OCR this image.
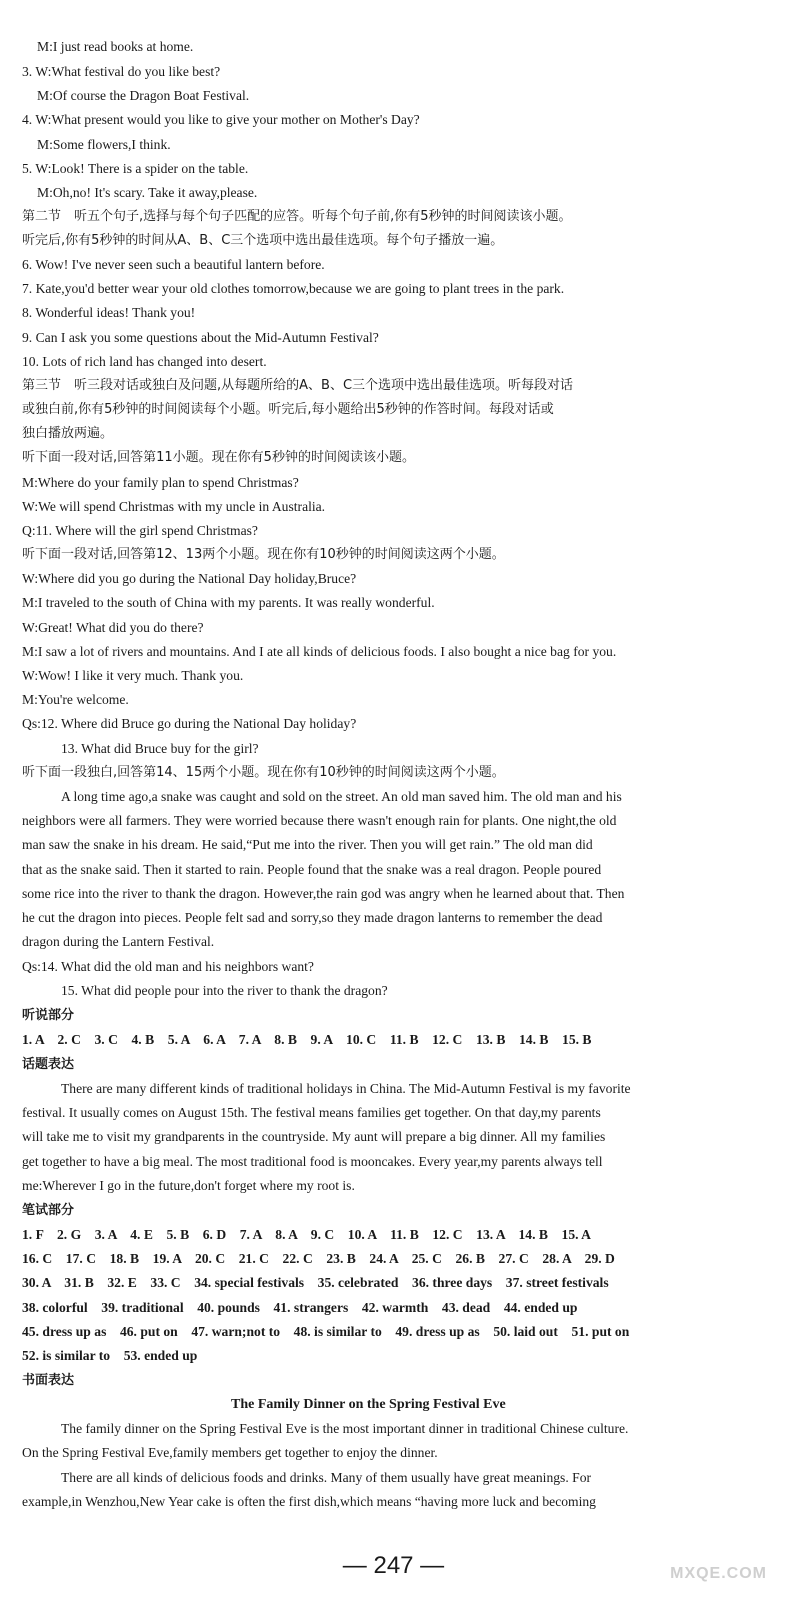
M:I just read books at home.
3. W:What festival do you like best?
M:Of course the Dragon Boat Festival.
4. W:What present would you like to give your mother on Mother's Day?
M:Some flowers,I think.
5. W:Look! There is a spider on the table.
M:Oh,no! It's scary. Take it away,please.
第二节　听五个句子,选择与每个句子匹配的应答。听每个句子前,你有5秒钟的时间阅读该小题。
听完后,你有5秒钟的时间从A、B、C三个选项中选出最佳选项。每个句子播放一遍。
6. Wow! I've never seen such a beautiful lantern before.
7. Kate,you'd better wear your old clothes tomorrow,because we are going to plant trees in the park.
8. Wonderful ideas! Thank you!
9. Can I ask you some questions about the Mid-Autumn Festival?
10. Lots of rich land has changed into desert.
第三节　听三段对话或独白及问题,从每题所给的A、B、C三个选项中选出最佳选项。听每段对话
或独白前,你有5秒钟的时间阅读每个小题。听完后,每小题给出5秒钟的作答时间。每段对话或
独白播放两遍。
听下面一段对话,回答第11小题。现在你有5秒钟的时间阅读该小题。
M:Where do your family plan to spend Christmas?
W:We will spend Christmas with my uncle in Australia.
Q:11. Where will the girl spend Christmas?
听下面一段对话,回答第12、13两个小题。现在你有10秒钟的时间阅读这两个小题。
W:Where did you go during the National Day holiday,Bruce?
M:I traveled to the south of China with my parents. It was really wonderful.
W:Great! What did you do there?
M:I saw a lot of rivers and mountains. And I ate all kinds of delicious foods. I also bought a nice bag for you.
W:Wow! I like it very much. Thank you.
M:You're welcome.
Qs:12. Where did Bruce go during the National Day holiday?
13. What did Bruce buy for the girl?
听下面一段独白,回答第14、15两个小题。现在你有10秒钟的时间阅读这两个小题。
A long time ago,a snake was caught and sold on the street. An old man saved him. The old man and his
neighbors were all farmers. They were worried because there wasn't enough rain for plants. One night,the old
man saw the snake in his dream. He said,“Put me into the river. Then you will get rain.” The old man did
that as the snake said. Then it started to rain. People found that the snake was a real dragon. People poured
some rice into the river to thank the dragon. However,the rain god was angry when he learned about that. Then
he cut the dragon into pieces. People felt sad and sorry,so they made dragon lanterns to remember the dead
dragon during the Lantern Festival.
Qs:14. What did the old man and his neighbors want?
15. What did people pour into the river to thank the dragon?
听说部分
1. A　2. C　3. C　4. B　5. A　6. A　7. A　8. B　9. A　10. C　11. B　12. C　13. B　14. B　15. B
话题表达
There are many different kinds of traditional holidays in China. The Mid-Autumn Festival is my favorite
festival. It usually comes on August 15th. The festival means families get together. On that day,my parents
will take me to visit my grandparents in the countryside. My aunt will prepare a big dinner. All my families
get together to have a big meal. The most traditional food is mooncakes. Every year,my parents always tell
me:Wherever I go in the future,don't forget where my root is.
笔试部分
1. F　2. G　3. A　4. E　5. B　6. D　7. A　8. A　9. C　10. A　11. B　12. C　13. A　14. B　15. A
16. C　17. C　18. B　19. A　20. C　21. C　22. C　23. B　24. A　25. C　26. B　27. C　28. A　29. D
30. A　31. B　32. E　33. C　34. special festivals　35. celebrated　36. three days　37. street festivals
38. colorful　39. traditional　40. pounds　41. strangers　42. warmth　43. dead　44. ended up
45. dress up as　46. put on　47. warn;not to　48. is similar to　49. dress up as　50. laid out　51. put on
52. is similar to　53. ended up
书面表达
The Family Dinner on the Spring Festival Eve
The family dinner on the Spring Festival Eve is the most important dinner in traditional Chinese culture.
On the Spring Festival Eve,family members get together to enjoy the dinner.
There are all kinds of delicious foods and drinks. Many of them usually have great meanings. For
example,in Wenzhou,New Year cake is often the first dish,which means “having more luck and becoming
— 247 —	MXQE.COM
